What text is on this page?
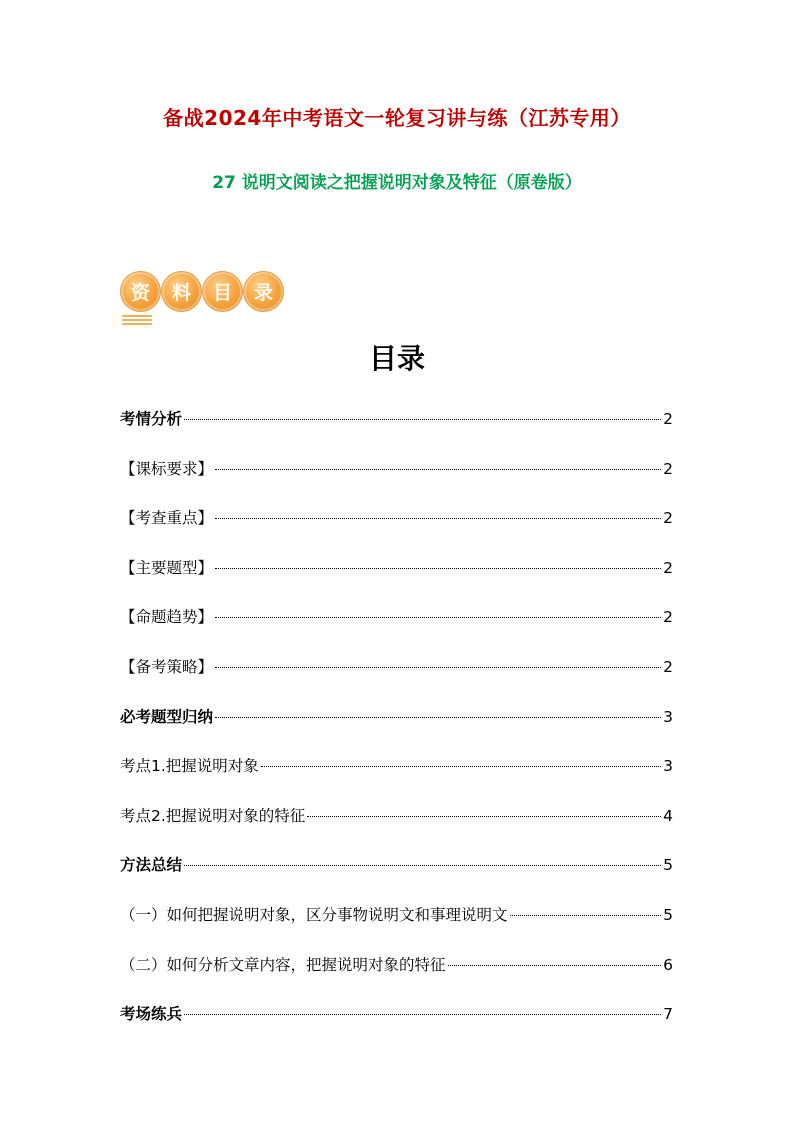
备战2024年中考语文一轮复习讲与练（江苏专用）
27 说明文阅读之把握说明对象及特征（原卷版）
资	料	目	录
目录
考情分析	2
【课标要求】	2
【考查重点】	2
【主要题型】	2
【命题趋势】	2
【备考策略】	2
必考题型归纳	3
考点1.把握说明对象	3
考点2.把握说明对象的特征	4
方法总结	5
（一）如何把握说明对象，区分事物说明文和事理说明文	5
（二）如何分析文章内容，把握说明对象的特征	6
考场练兵	7
